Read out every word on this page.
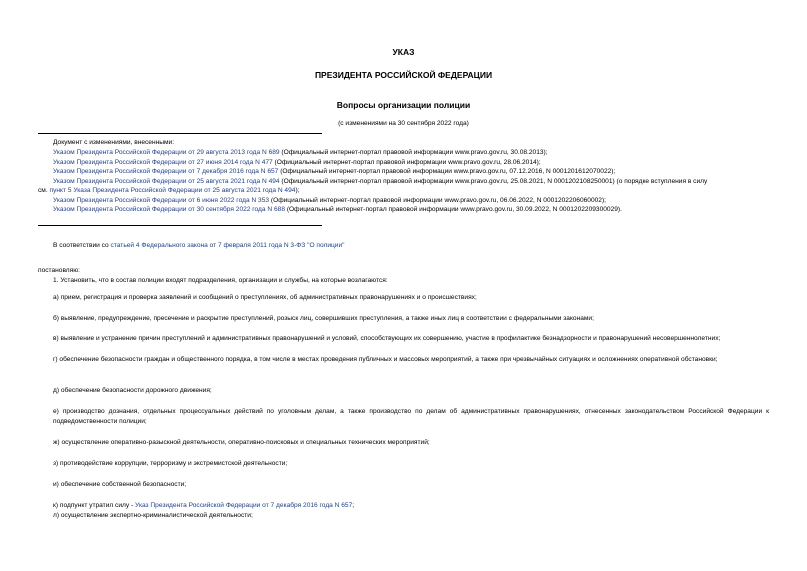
УКАЗ
ПРЕЗИДЕНТА РОССИЙСКОЙ ФЕДЕРАЦИИ
Вопросы организации полиции
(с изменениями на 30 сентября 2022 года)
Документ с изменениями, внесенными:
Указом Президента Российской Федерации от 29 августа 2013 года N 689 (Официальный интернет-портал правовой информации www.pravo.gov.ru, 30.08.2013);
Указом Президента Российской Федерации от 27 июня 2014 года N 477 (Официальный интернет-портал правовой информации www.pravo.gov.ru, 28.06.2014);
Указом Президента Российской Федерации от 7 декабря 2016 года N 657 (Официальный интернет-портал правовой информации www.pravo.gov.ru, 07.12.2016, N 0001201612070022);
Указом Президента Российской Федерации от 25 августа 2021 года N 494 (Официальный интернет-портал правовой информации www.pravo.gov.ru, 25.08.2021, N 0001202108250001) (о порядке вступления в силу
см. пункт 5 Указа Президента Российской Федерации от 25 августа 2021 года N 494);
Указом Президента Российской Федерации от 6 июня 2022 года N 353 (Официальный интернет-портал правовой информации www.pravo.gov.ru, 06.06.2022, N 0001202206060002);
Указом Президента Российской Федерации от 30 сентября 2022 года N 688 (Официальный интернет-портал правовой информации www.pravo.gov.ru, 30.09.2022, N 0001202209300029).
В соответствии со статьей 4 Федерального закона от 7 февраля 2011 года N 3-ФЗ "О полиции"
постановляю:
1. Установить, что в состав полиции входят подразделения, организации и службы, на которые возлагаются:
а) прием, регистрация и проверка заявлений и сообщений о преступлениях, об административных правонарушениях и о происшествиях;
б) выявление, предупреждение, пресечение и раскрытие преступлений, розыск лиц, совершивших преступления, а также иных лиц в соответствии с федеральными законами;
в) выявление и устранение причин преступлений и административных правонарушений и условий, способствующих их совершению, участие в профилактике безнадзорности и правонарушений несовершеннолетних;
г) обеспечение безопасности граждан и общественного порядка, в том числе в местах проведения публичных и массовых мероприятий, а также при чрезвычайных ситуациях и осложнениях оперативной обстановки;
д) обеспечение безопасности дорожного движения;
е) производство дознания, отдельных процессуальных действий по уголовным делам, а также производство по делам об административных правонарушениях, отнесенных законодательством Российской Федерации к подведомственности полиции;
ж) осуществление оперативно-разыскной деятельности, оперативно-поисковых и специальных технических мероприятий;
з) противодействие коррупции, терроризму и экстремистской деятельности;
и) обеспечение собственной безопасности;
к) подпункт утратил силу - Указ Президента Российской Федерации от 7 декабря 2016 года N 657;
л) осуществление экспертно-криминалистической деятельности;
